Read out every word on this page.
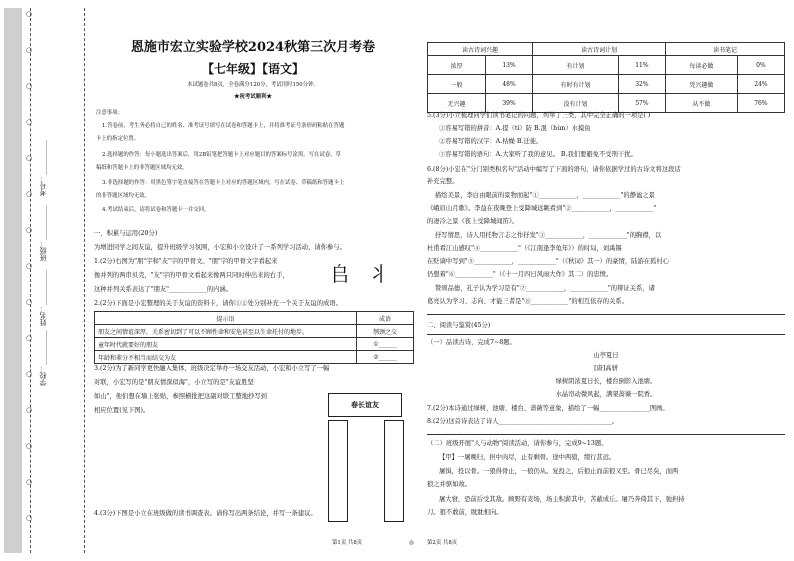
○
○
○
○
○
○
○
○
○
○
○
○
○
○
○
学校：__________
姓名：__________
班级：__________
考号：__________
恩施市宏立实验学校2024秋第三次月考卷
【七年级】【语文】
本试题卷共8页，全卷满分120分，考试用时150分钟。
★祝考试顺利★
注意事项：
1.答卷前，考生务必将自己的姓名、准考证号填写在试卷和答题卡上，并将准考证号条形码粘贴在答题
卡上的指定位置。
2.选择题的作答：每小题选出答案后，用2B铅笔把答题卡上对应题目的答案标号涂黑。写在试卷、草
稿纸和答题卡上的非答题区域均无效。
3.非选择题的作答：用黑色签字笔直接答在答题卡上对应的答题区域内，写在试卷、草稿纸和答题卡上
的非答题区域均无效。
4.考试结束后，请将试卷和答题卡一并交回。
一、积累与运用(20分)
为增进同学之间友谊，提升班级学习氛围，小宏和小立设计了一系列学习活动，请你参与。
1.(2分)右图为"朋"字和"友"字的甲骨文。"朋"字的甲骨文字看起来
像并列的两串贝壳，"友"字的甲骨文看起来像两只同时伸出来的右手，
这种并列关系表达了"朋友"____________的内涵。
𠂤 ⺦
2.(2分)下面是小宏整理的关于友谊的资料卡，请你①②处分别补充一个关于友谊的成语。
提示语	成语
朋友之间情谊深厚，关系密切到了可以不顾性命和安危甚至以生命托付的地步。	刎颈之交
童年时代就要好的朋友	①______
年龄和辈分不相当而结交为友	②______
3.(2分)为了新同学更快融入集体，班级决定举办一场交友活动，小宏和小立写了一幅
对联，小宏写的是"朋友情深似海"，小立写的是"友谊胜坚
如山"，他们想在墙上张贴，参照横批把这副对联工整地抄写到
相应位置(见下图)。
春长谊友
4.(3分)下图是小立在班级做的读书调查表。请你写出两条结论，并写一条建议。
第1页 共8页	◎
读古诗词兴趣		读古诗词计划		读书笔记	
浓厚	13%	有计划	11%	每读必做	0%
一般	48%	有时有计划	32%	凭兴趣做	24%
无兴趣	39%	没有计划	57%	从不做	76%
5.(3分)小立梳理同学们读书笔记的问题，列举了三类，其中完全正确的一项是( )
①容易写错的拼音：A.提（tí）防 B.混（hùn）水摸鱼
②容易写错的汉字：A.枯燥 B.迁徙。
③容易写错的语句：A.大家听了我的意见。 B.我们要避免不受刑干扰。
6.(8分)小宏在"分门别类积名句"活动中编写了下面的语句，请你依据学过的古诗文将这段话
补充完整。
描绘美景，李白由眼前的景物而起"①____________，____________"的静谧之景
《峨眉山月歌》。李益在夜晚登上受降城远眺看到"②____________，____________"
的凄冷之景《夜上受降城闻笛》。
抒写情思，诗人用托物言志之作抒发"③____________，____________"的胸襟，以
杜甫看江山感叹"④____________"（《江南逢李龟年》）的时局，刘禹锡
在贬谪中写到"⑤____________，____________"（《秋词》其一）的豪情，陆游在孤村心
仍想着"⑥____________"（《十一月四日风雨大作》其二）的忠愤。
赞颂品德，孔子认为学习是有"⑦____________，____________"的辩证关系，诸
葛亮认为学习、志向、才能三者是"⑧____________"的相互依存的关系。
二、阅读与鉴赏(45分)
（一）品读古诗，完成7~8题。
山亭夏日
[唐]高骈
绿树阴浓夏日长，楼台倒影入池塘。
水晶帘动微风起，满架蔷薇一院香。
7.(2分)本诗通过绿树、池塘、楼台、蔷薇等意象，描绘了一幅________________图画。
8.(2分)这首诗表达了诗人____________________________________。
（二）班级开展"人与动物"阅读活动，请你参与，完成9~13题。
【甲】一屠晚归，担中肉尽，止有剩骨。途中两狼，缀行甚远。
屠惧，投以骨。一狼得骨止，一狼仍从。复投之，后狼止而前狼又至。骨已尽矣，而两
狼之并驱如故。
屠大窘，恐前后受其敌。顾野有麦场，场主积薪其中，苫蔽成丘。屠乃奔倚其下，弛担持
刀。狼不敢前，眈眈相向。
第2页 共8页
